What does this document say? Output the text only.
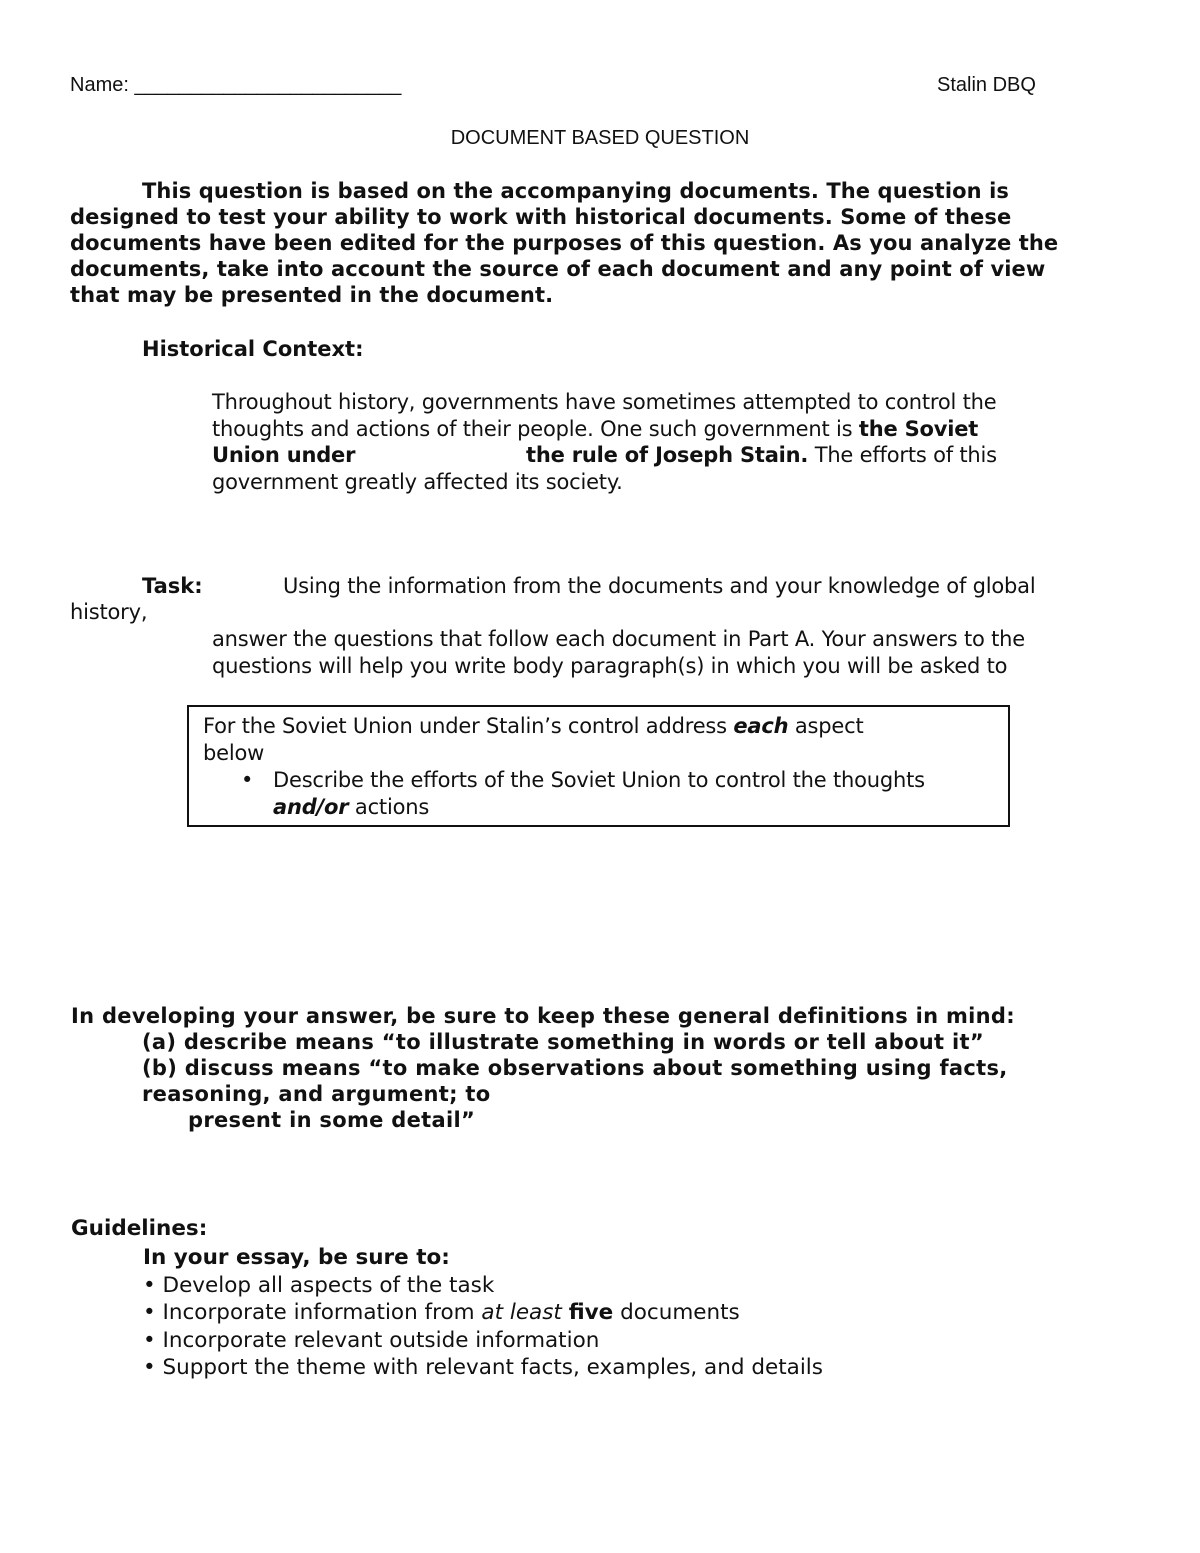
Name: ________________________	Stalin DBQ
DOCUMENT BASED QUESTION
This question is based on the accompanying documents. The question is
designed to test your ability to work with historical documents. Some of these
documents have been edited for the purposes of this question. As you analyze the
documents, take into account the source of each document and any point of view
that may be presented in the document.
Historical Context:
Throughout history, governments have sometimes attempted to control the
thoughts and actions of their people. One such government is the Soviet
Union under	the rule of Joseph Stain. The efforts of this
government greatly affected its society.
Task:	Using the information from the documents and your knowledge of global
history,
answer the questions that follow each document in Part A. Your answers to the
questions will help you write body paragraph(s) in which you will be asked to
For the Soviet Union under Stalin’s control address each aspect
below
• Describe the efforts of the Soviet Union to control the thoughts
and/or actions
In developing your answer, be sure to keep these general definitions in mind:
(a) describe means “to illustrate something in words or tell about it”
(b) discuss means “to make observations about something using facts,
reasoning, and argument; to
present in some detail”
Guidelines:
In your essay, be sure to:
• Develop all aspects of the task
• Incorporate information from at least five documents
• Incorporate relevant outside information
• Support the theme with relevant facts, examples, and details
